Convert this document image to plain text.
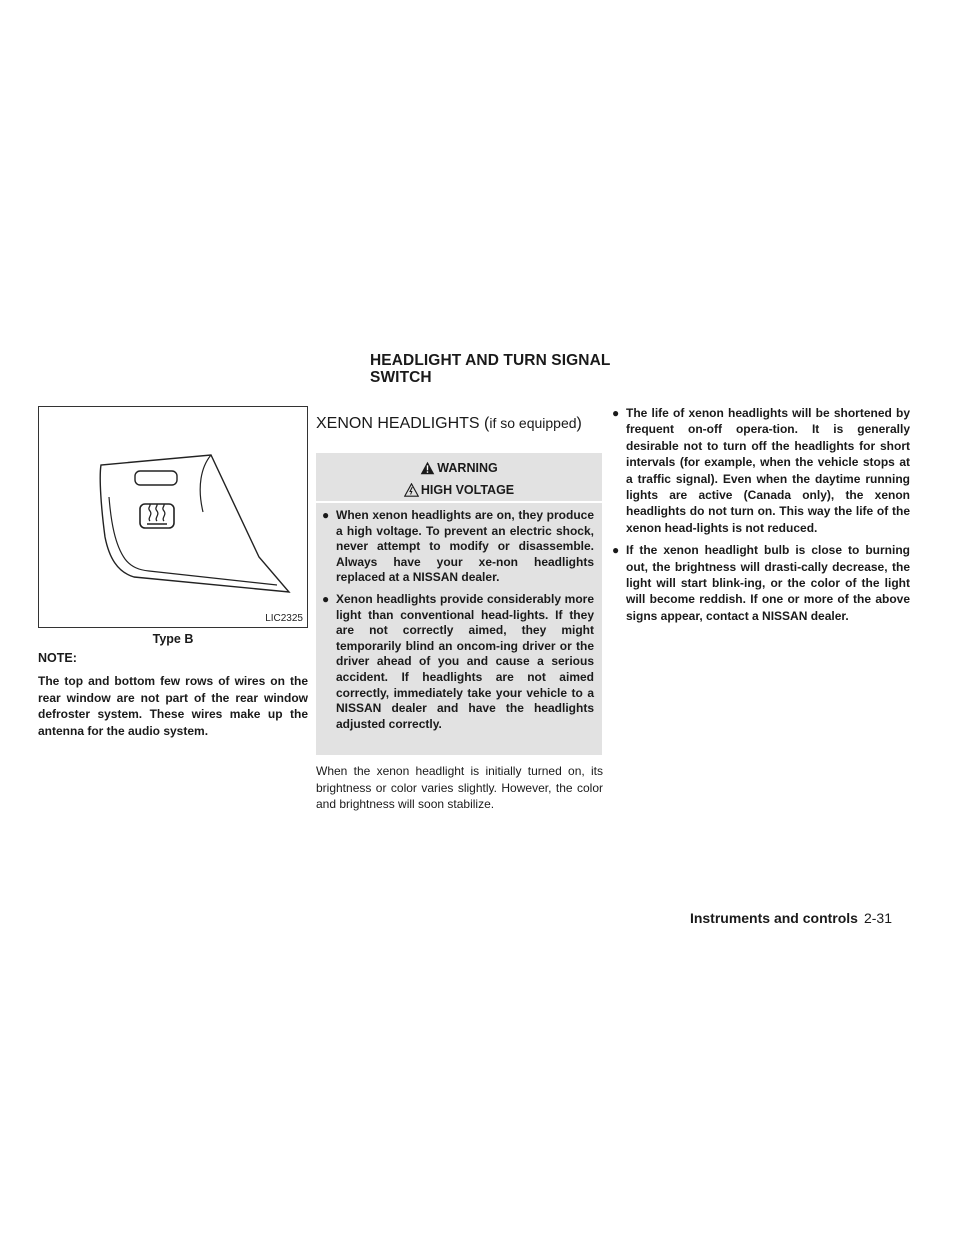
HEADLIGHT AND TURN SIGNAL SWITCH
LIC2325
Type B
NOTE:
The top and bottom few rows of wires on the rear window are not part of the rear window defroster system. These wires make up the antenna for the audio system.
XENON HEADLIGHTS (if so equipped)
WARNING
HIGH VOLTAGE
● When xenon headlights are on, they produce a high voltage. To prevent an electric shock, never attempt to modify or disassemble. Always have your xe-non headlights replaced at a NISSAN dealer.
● Xenon headlights provide considerably more light than conventional head-lights. If they are not correctly aimed, they might temporarily blind an oncom-ing driver or the driver ahead of you and cause a serious accident. If headlights are not aimed correctly, immediately take your vehicle to a NISSAN dealer and have the headlights adjusted correctly.
When the xenon headlight is initially turned on, its brightness or color varies slightly. However, the color and brightness will soon stabilize.
● The life of xenon headlights will be shortened by frequent on-off opera-tion. It is generally desirable not to turn off the headlights for short intervals (for example, when the vehicle stops at a traffic signal). Even when the daytime running lights are active (Canada only), the xenon headlights do not turn on. This way the life of the xenon head-lights is not reduced.
● If the xenon headlight bulb is close to burning out, the brightness will drasti-cally decrease, the light will start blink-ing, or the color of the light will become reddish. If one or more of the above signs appear, contact a NISSAN dealer.
Instruments and controls 2-31
